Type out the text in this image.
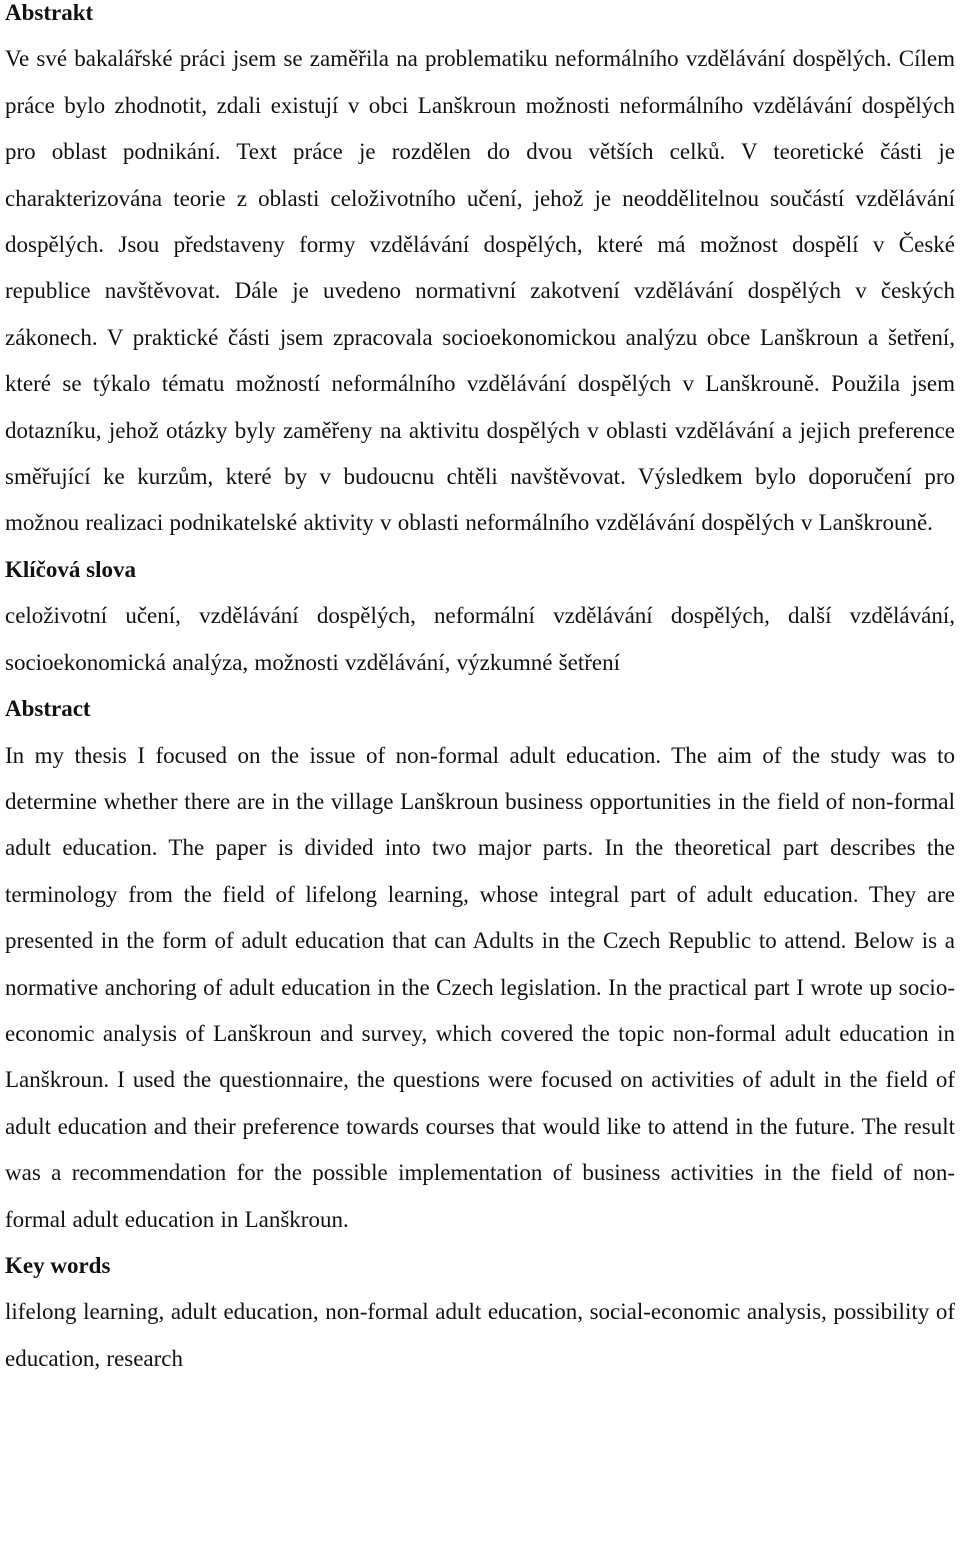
Abstrakt

Ve své bakalářské práci jsem se zaměřila na problematiku neformálního vzdělávání dospělých. Cílem práce bylo zhodnotit, zdali existují v obci Lanškroun možnosti neformálního vzdělávání dospělých pro oblast podnikání. Text práce je rozdělen do dvou větších celků. V teoretické části je charakterizována teorie z oblasti celoživotního učení, jehož je neoddělitelnou součástí vzdělávání dospělých. Jsou představeny formy vzdělávání dospělých, které má možnost dospělí v České republice navštěvovat. Dále je uvedeno normativní zakotvení vzdělávání dospělých v českých zákonech. V praktické části jsem zpracovala socioekonomickou analýzu obce Lanškroun a šetření, které se týkalo tématu možností neformálního vzdělávání dospělých v Lanškrouně. Použila jsem dotazníku, jehož otázky byly zaměřeny na aktivitu dospělých v oblasti vzdělávání a jejich preference směřující ke kurzům, které by v budoucnu chtěli navštěvovat. Výsledkem bylo doporučení pro možnou realizaci podnikatelské aktivity v oblasti neformálního vzdělávání dospělých v Lanškrouně.

Klíčová slova

celoživotní učení, vzdělávání dospělých, neformální vzdělávání dospělých, další vzdělávání, socioekonomická analýza, možnosti vzdělávání, výzkumné šetření

Abstract

In my thesis I focused on the issue of non-formal adult education. The aim of the study was to determine whether there are in the village Lanškroun business opportunities in the field of non-formal adult education. The paper is divided into two major parts. In the theoretical part describes the terminology from the field of lifelong learning, whose integral part of adult education. They are presented in the form of adult education that can Adults in the Czech Republic to attend. Below is a normative anchoring of adult education in the Czech legislation. In the practical part I wrote up socio-economic analysis of Lanškroun and survey, which covered the topic non-formal adult education in Lanškroun. I used the questionnaire, the questions were focused on activities of adult in the field of adult education and their preference towards courses that would like to attend in the future. The result was a recommendation for the possible implementation of business activities in the field of non-formal adult education in Lanškroun.

Key words

lifelong learning, adult education, non-formal adult education, social-economic analysis, possibility of education, research
